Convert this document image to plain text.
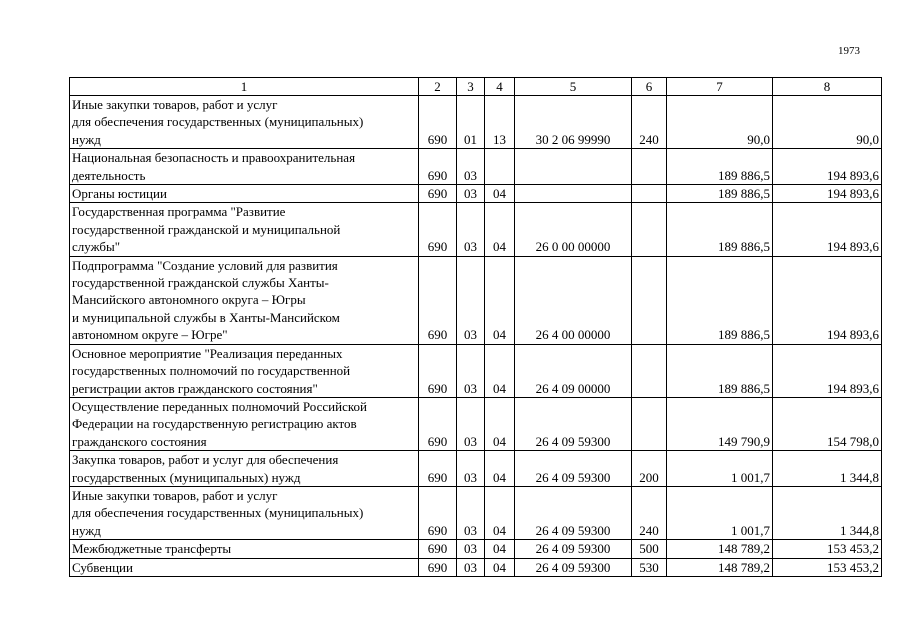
1973
1	2	3	4	5	6	7	8

Иные закупки товаров, работ и услуг
для обеспечения государственных (муниципальных)
нужд	690	01	13	30 2 06 99990	240	90,0	90,0

Национальная безопасность и правоохранительная
деятельность	690	03				189 886,5	194 893,6

Органы юстиции	690	03	04			189 886,5	194 893,6

Государственная программа "Развитие
государственной гражданской и муниципальной
службы"	690	03	04	26 0 00 00000		189 886,5	194 893,6

Подпрограмма "Создание условий для развития
государственной гражданской службы Ханты-
Мансийского автономного округа – Югры
и муниципальной службы в Ханты-Мансийском
автономном округе – Югре"	690	03	04	26 4 00 00000		189 886,5	194 893,6

Основное мероприятие "Реализация переданных
государственных полномочий по государственной
регистрации актов гражданского состояния"	690	03	04	26 4 09 00000		189 886,5	194 893,6

Осуществление переданных полномочий Российской
Федерации на государственную регистрацию актов
гражданского состояния	690	03	04	26 4 09 59300		149 790,9	154 798,0

Закупка товаров, работ и услуг для обеспечения
государственных (муниципальных) нужд	690	03	04	26 4 09 59300	200	1 001,7	1 344,8

Иные закупки товаров, работ и услуг
для обеспечения государственных (муниципальных)
нужд	690	03	04	26 4 09 59300	240	1 001,7	1 344,8

Межбюджетные трансферты	690	03	04	26 4 09 59300	500	148 789,2	153 453,2

Субвенции	690	03	04	26 4 09 59300	530	148 789,2	153 453,2
